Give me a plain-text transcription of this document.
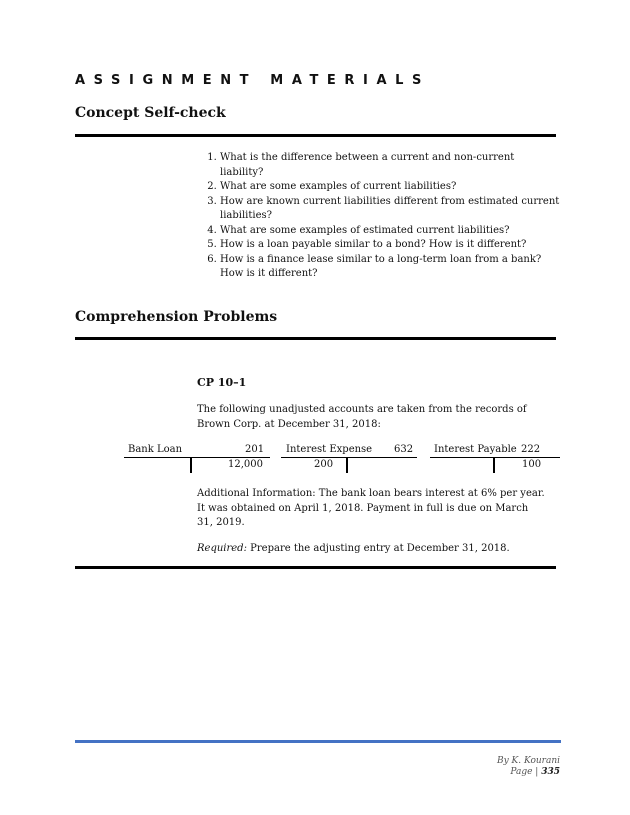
ASSIGNMENT MATERIALS
Concept Self-check
1. What is the difference between a current and non-current liability?
2. What are some examples of current liabilities?
3. How are known current liabilities different from estimated current liabilities?
4. What are some examples of estimated current liabilities?
5. How is a loan payable similar to a bond? How is it different?
6. How is a finance lease similar to a long-term loan from a bank? How is it different?
Comprehension Problems
CP 10–1
The following unadjusted accounts are taken from the records of Brown Corp. at December 31, 2018:
Bank Loan	201
12,000
Interest Expense 632
200
Interest Payable 222
100
Additional Information: The bank loan bears interest at 6% per year. It was obtained on April 1, 2018. Payment in full is due on March 31, 2019.
Required: Prepare the adjusting entry at December 31, 2018.
By K. Kourani
Page | 335
